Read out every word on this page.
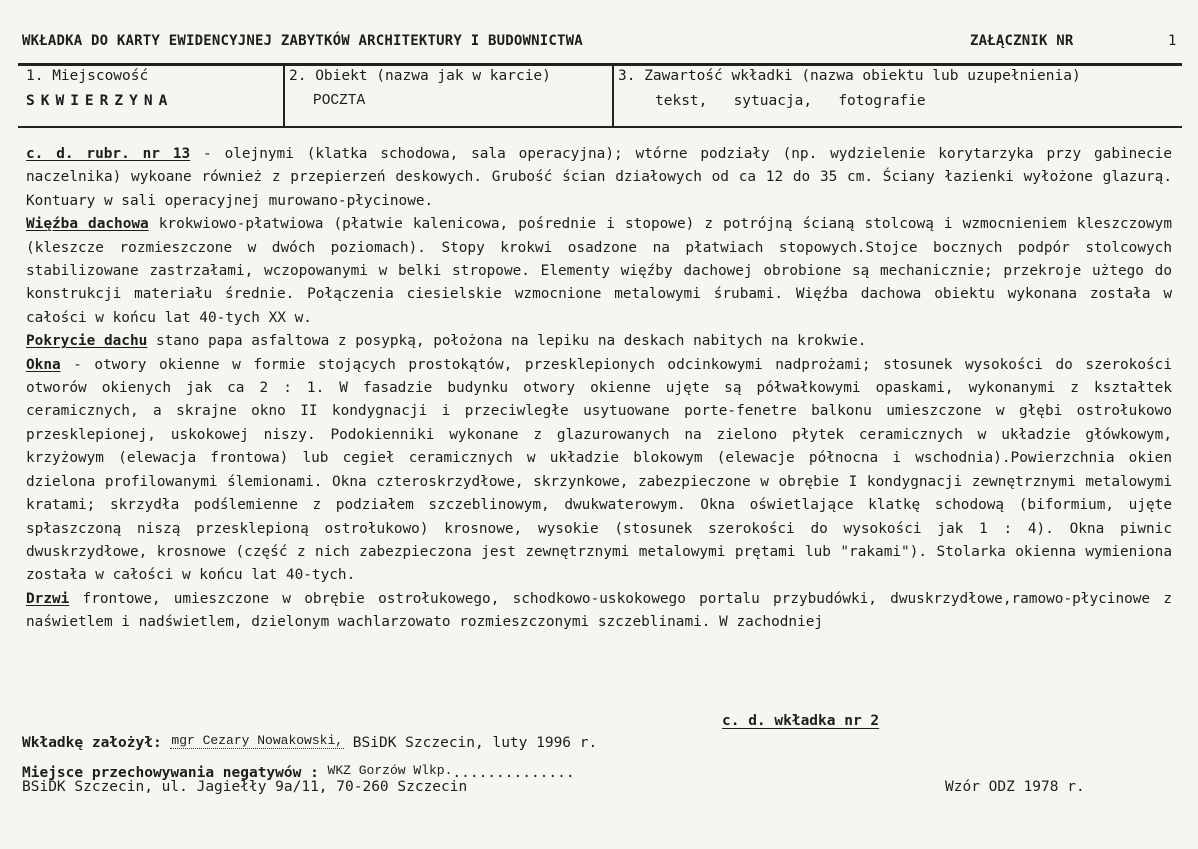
WKŁADKA DO KARTY EWIDENCYJNEJ ZABYTKÓW ARCHITEKTURY I BUDOWNICTWA	ZAŁĄCZNIK NR	1
1. Miejscowość
SKWIERZYNA
2. Obiekt (nazwa jak w karcie)
POCZTA
3. Zawartość wkładki (nazwa obiektu lub uzupełnienia)
tekst,   sytuacja,   fotografie

c. d. rubr. nr 13 - olejnymi (klatka schodowa, sala operacyjna); wtórne podziały (np. wydzielenie korytarzyka przy gabinecie naczelnika) wykoane również z przepierzeń deskowych. Grubość ścian działowych od ca 12 do 35 cm. Ściany łazienki wyłożone glazurą. Kontuary w sali operacyjnej murowano-płycinowe.

Więźba dachowa krokwiowo-płatwiowa (płatwie kalenicowa, pośrednie i stopowe) z potrójną ścianą stolcową i wzmocnieniem kleszczowym (kleszcze rozmieszczone w dwóch poziomach). Stopy krokwi osadzone na płatwiach stopowych.Stojce bocznych podpór stolcowych stabilizowane zastrzałami, wczopowanymi w belki stropowe. Elementy więźby dachowej obrobione są mechanicznie; przekroje użtego do konstrukcji materiału średnie. Połączenia ciesielskie wzmocnione metalowymi śrubami. Więźba dachowa obiektu wykonana została w całości w końcu lat 40-tych XX w.

Pokrycie dachu stano papa asfaltowa z posypką, położona na lepiku na deskach nabitych na krokwie.

Okna - otwory okienne w formie stojących prostokątów, przesklepionych odcinkowymi nadprożami; stosunek wysokości do szerokości otworów okienych jak ca 2 : 1. W fasadzie budynku otwory okienne ujęte są półwałkowymi opaskami, wykonanymi z kształtek ceramicznych, a skrajne okno II kondygnacji i przeciwległe usytuowane porte-fenetre balkonu umieszczone w głębi ostrołukowo przesklepionej, uskokowej niszy. Podokienniki wykonane z glazurowanych na zielono płytek ceramicznych w układzie główkowym, krzyżowym (elewacja frontowa) lub cegieł ceramicznych w układzie blokowym (elewacje północna i wschodnia).Powierzchnia okien dzielona profilowanymi ślemionami. Okna czteroskrzydłowe, skrzynkowe, zabezpieczone w obrębie I kondygnacji zewnętrznymi metalowymi kratami; skrzydła podślemienne z podziałem szczeblinowym, dwukwaterowym. Okna oświetlające klatkę schodową (biformium, ujęte spłaszczoną niszą przesklepioną ostrołukowo) krosnowe, wysokie (stosunek szerokości do wysokości jak 1 : 4). Okna piwnic dwuskrzydłowe, krosnowe (część z nich zabezpieczona jest zewnętrznymi metalowymi prętami lub "rakami"). Stolarka okienna wymieniona została w całości w końcu lat 40-tych.

Drzwi frontowe, umieszczone w obrębie ostrołukowego, schodkowo-uskokowego portalu przybudówki, dwuskrzydłowe,ramowo-płycinowe z naświetlem i nadświetlem, dzielonym wachlarzowato rozmieszczonymi szczeblinami. W zachodniej

c. d. wkładka nr 2
Wkładkę założył: mgr Cezary Nowakowski, BSiDK Szczecin, luty 1996 r.
Miejsce przechowywania negatywów : WKZ Gorzów Wlkp...............
BSiDK Szczecin, ul. Jagiełły 9a/11, 70-260 Szczecin	Wzór ODZ 1978 r.
